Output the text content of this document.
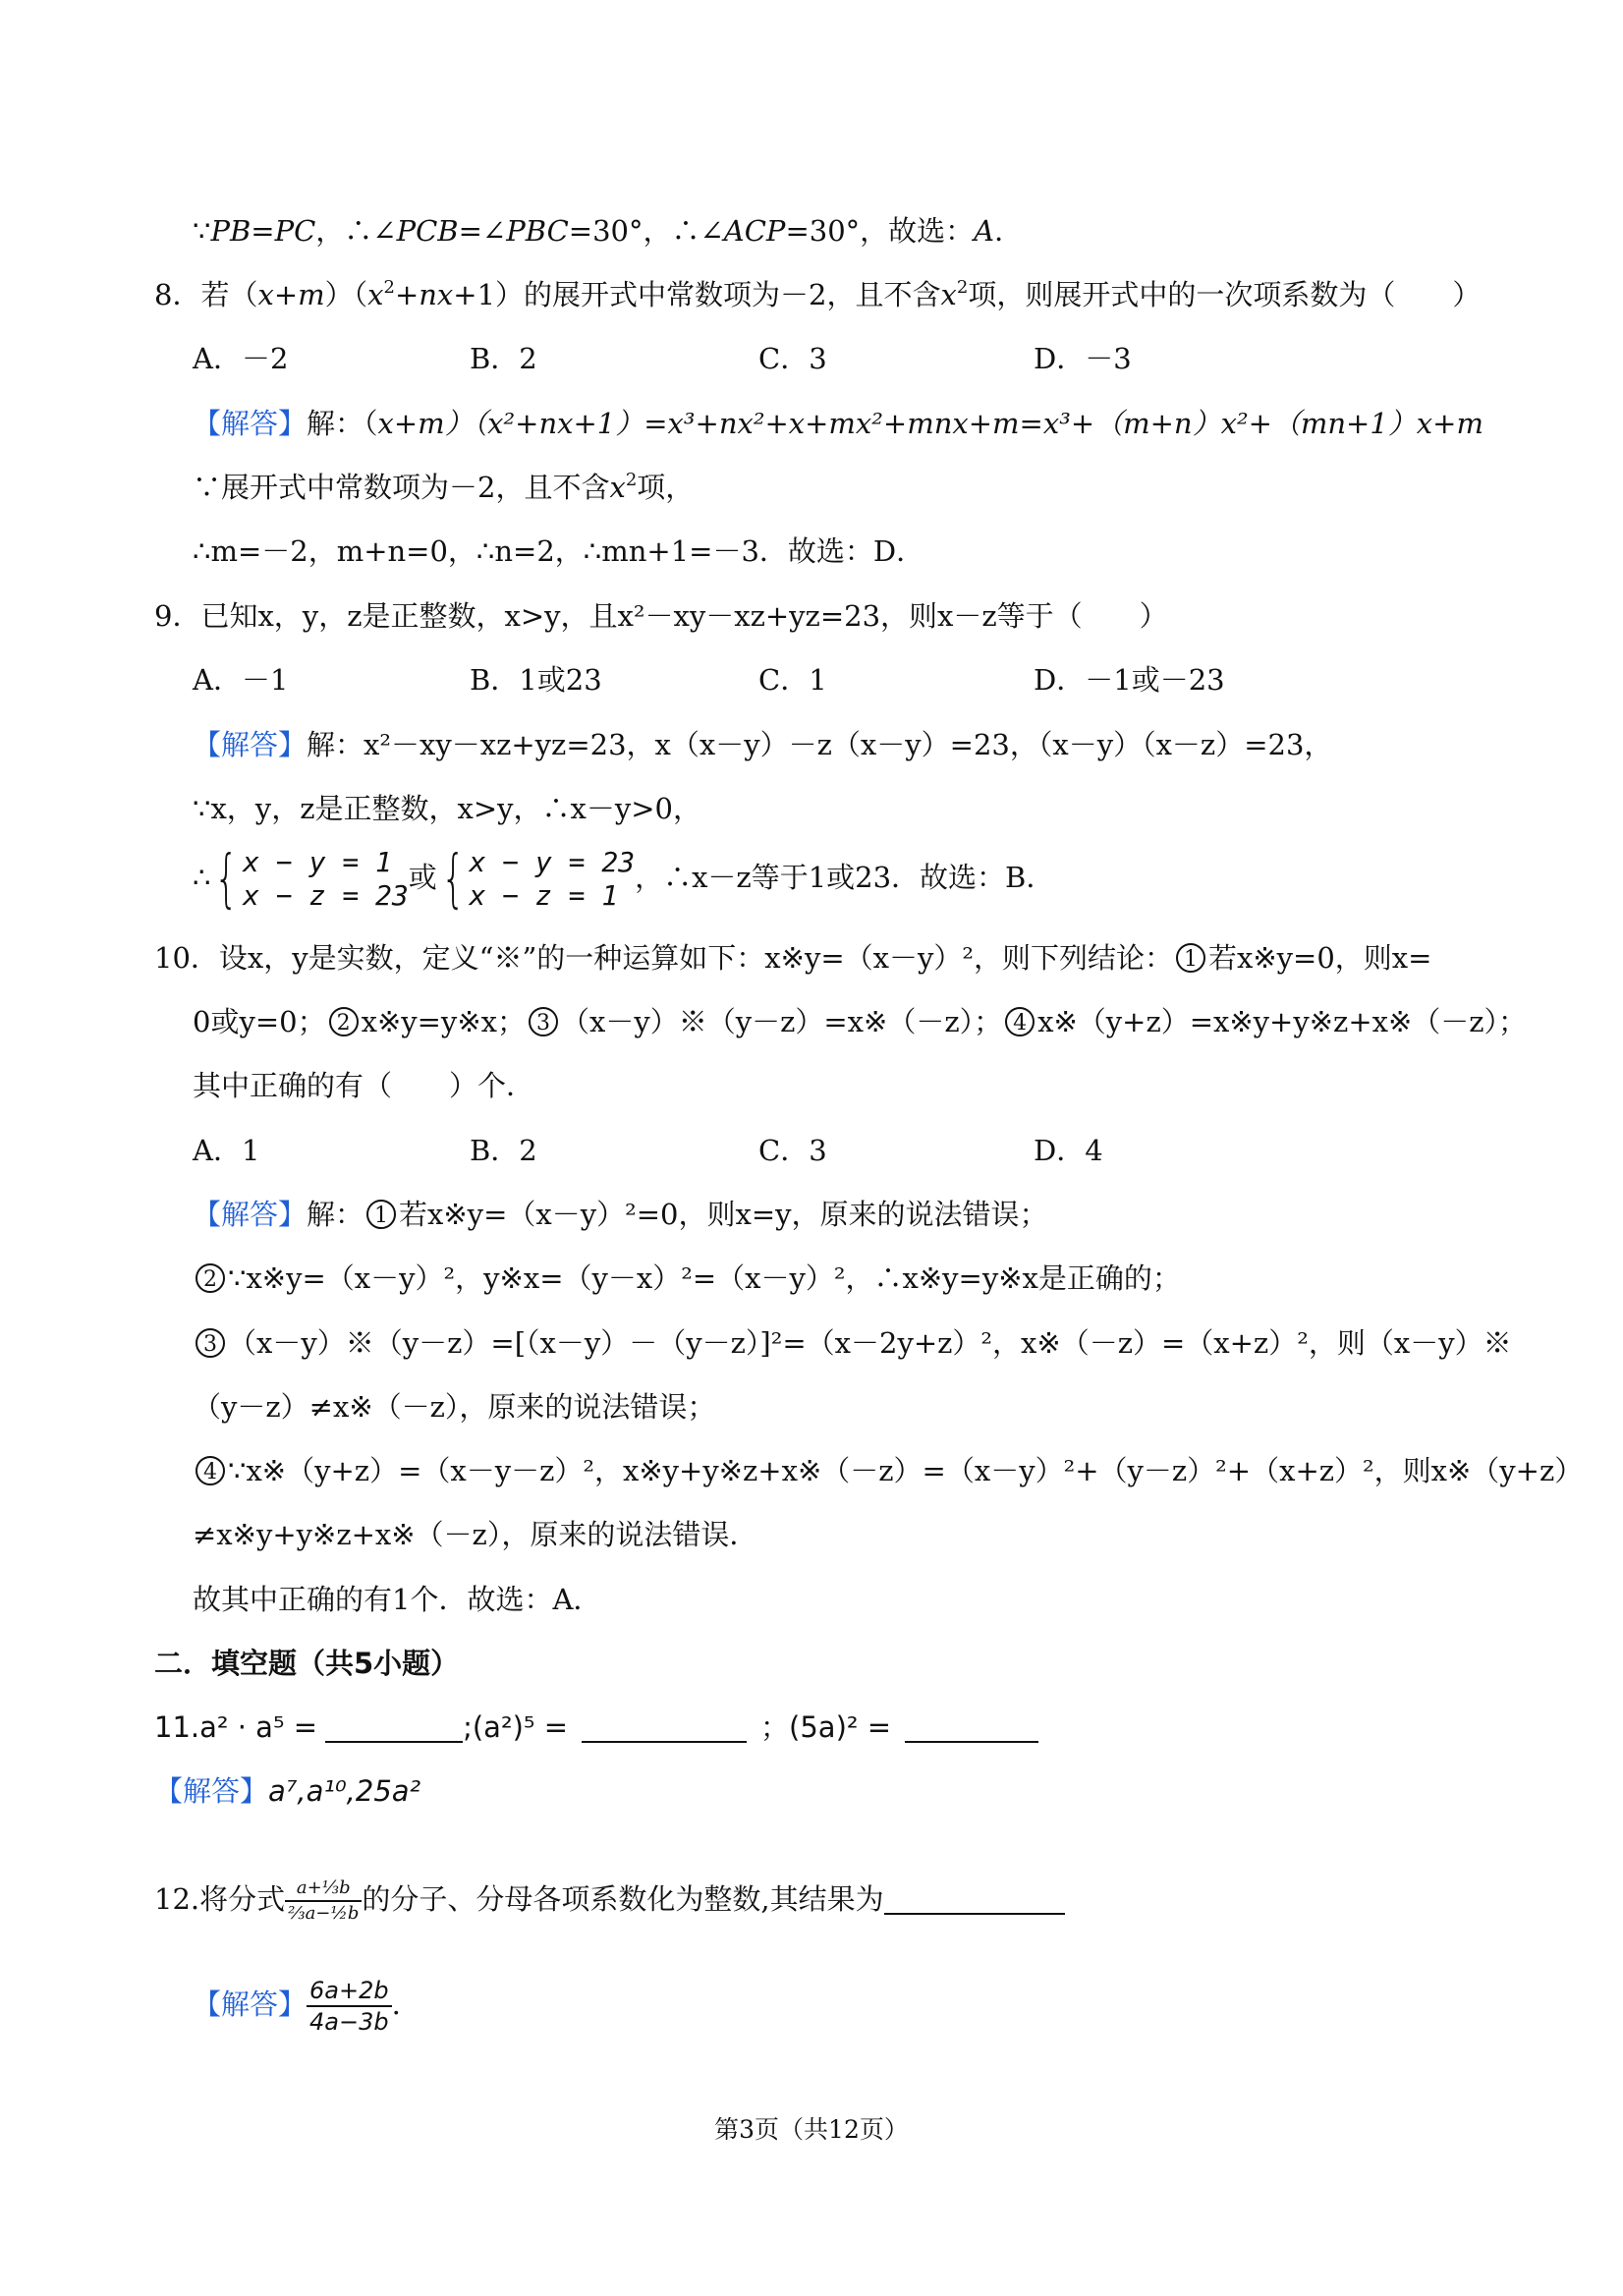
∵PB=PC，∴∠PCB=∠PBC=30°，∴∠ACP=30°，故选：A．
8．若$(x+m)(x^2+nx+1)$的展开式中常数项为－2，且不含$x^2$项，则展开式中的一次项系数为（　　）
A．－2	B．2	C．3	D．－3
【解答】解：（x+m）（x²+nx+1）=x³+nx²+x+mx²+mnx+m=x³+（m+n）x²+（mn+1）x+m
∵展开式中常数项为－2，且不含$x^2$项，
∴m=－2，m+n=0，∴n=2，∴mn+1=－3．故选：D．
9．已知x，y，z是正整数，x>y，且x²－xy－xz+yz=23，则x－z等于（　　）
A．－1	B．1或23	C．1	D．－1或－23
【解答】解：x²－xy－xz+yz=23，x（x－y）－z（x－y）=23，（x－y）（x－z）=23，
∵x，y，z是正整数，x>y，∴x－y>0，
∴{ x − y = 1
x − z = 23
或{ x − y = 23
x − z = 1
，∴x－z等于1或23．故选：B．
10．设x，y是实数，定义“※”的一种运算如下：x※y=（x－y）²，则下列结论： 1 若x※y=0，则x=
0或y=0； 2 x※y=y※x； 3 （x－y）※（y－z）=x※（－z）； 4 x※（y+z）=x※y+y※z+x※（－z）；
其中正确的有（　　）个．
A．1	B．2	C．3	D．4
【解答】解： 1 若x※y=（x－y）²=0，则x=y，原来的说法错误；
2 ∵x※y=（x－y）²，y※x=（y－x）²=（x－y）²，∴x※y=y※x是正确的；
3 （x－y）※（y－z）=[（x－y）－（y－z）]²=（x－2y+z）²，x※（－z）=（x+z）²，则（x－y）※
（y－z）≠x※（－z），原来的说法错误；
4 ∵x※（y+z）=（x－y－z）²，x※y+y※z+x※（－z）=（x－y）²+（y－z）²+（x+z）²，则x※（y+z）
≠x※y+y※z+x※（－z），原来的说法错误．
故其中正确的有1个．故选：A．
二．填空题（共5小题）
11.a² · a⁵ =	;(a²)⁵ =	；(5a)² =
【解答】a⁷,a¹⁰,25a²
12.将分式 $\frac{\text{a+⅓b}}{\text{⅔a−½b}}$ 的分子、分母各项系数化为整数,其结果为
【解答】 $\frac{6a+2b}{4a-3b}$ .
第3页（共12页）
